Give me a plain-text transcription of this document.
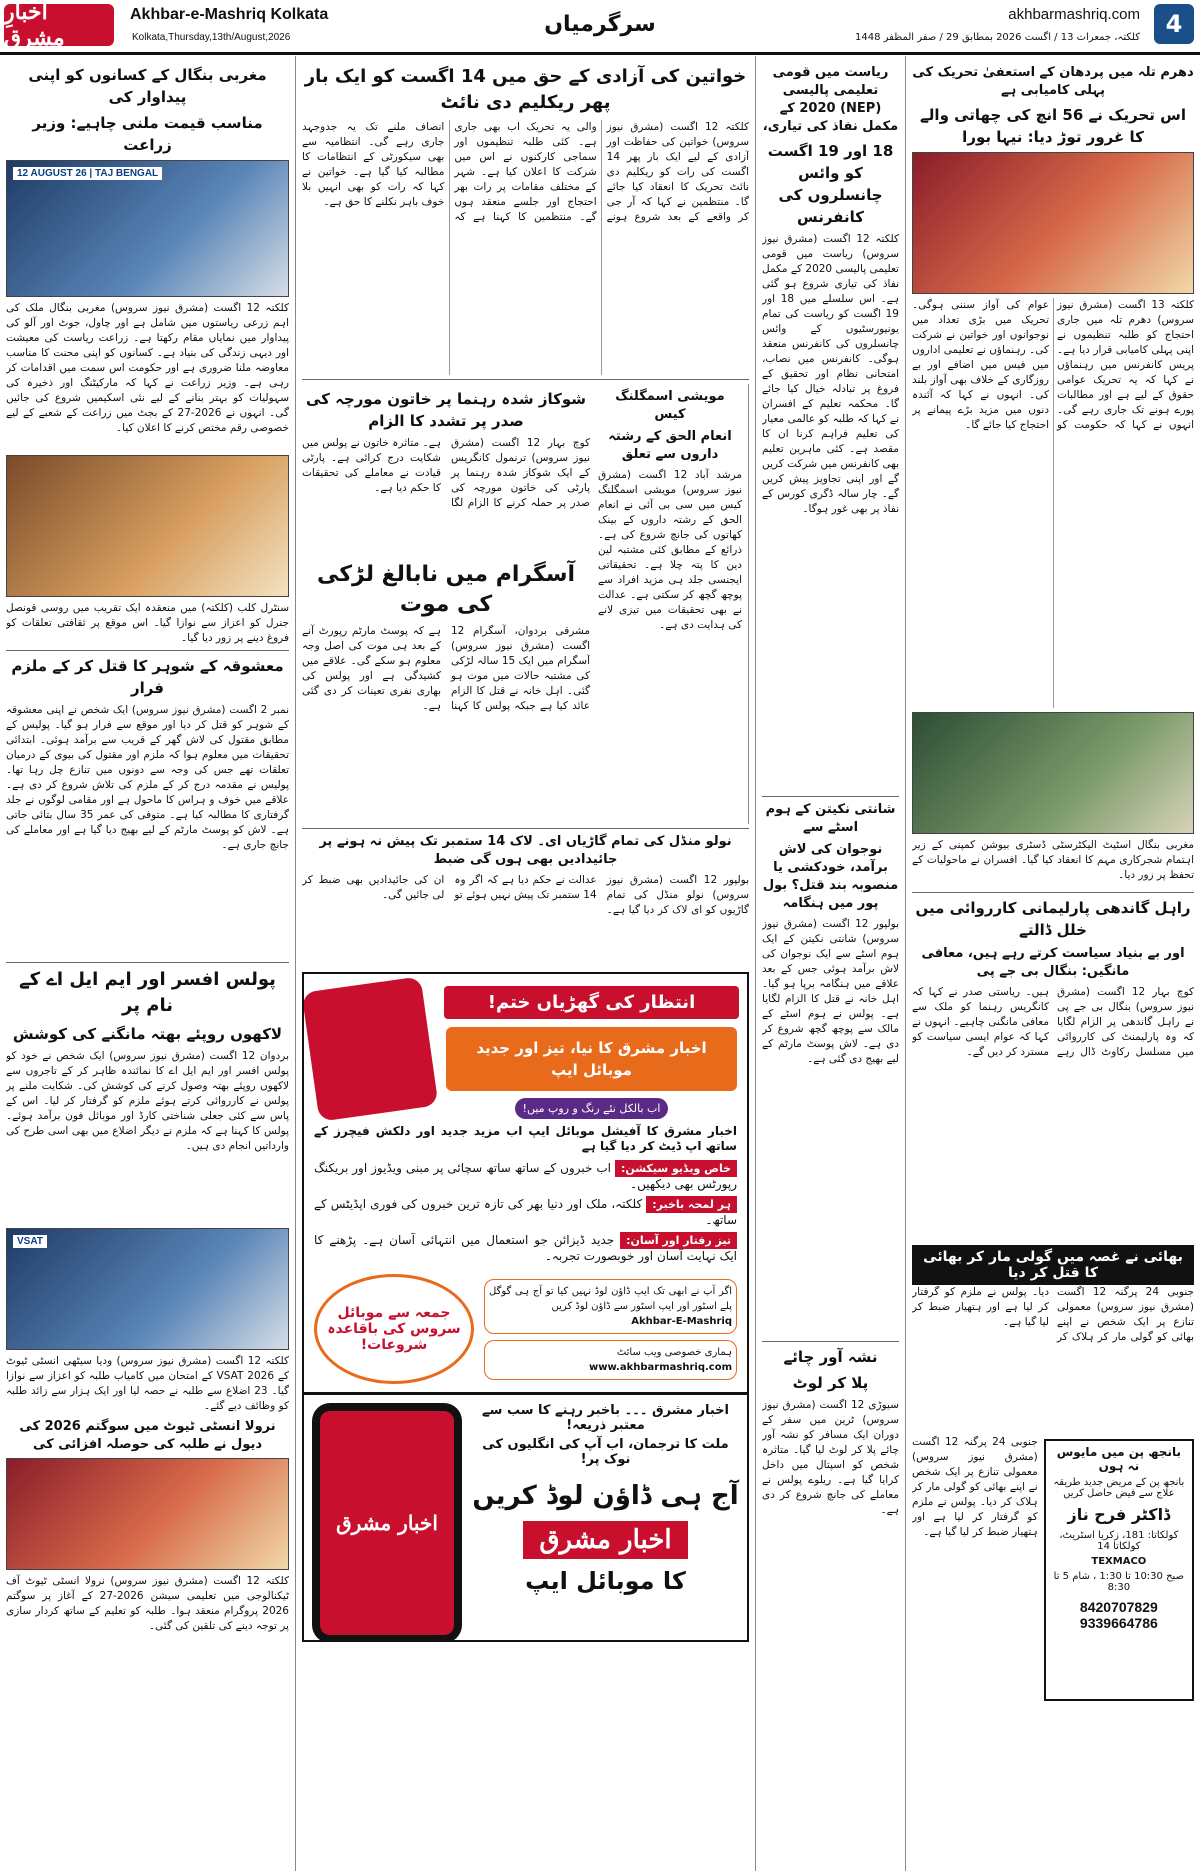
اخبارِ مشرق
Akhbar-e-Mashriq Kolkata
Kolkata,Thursday,13th/August,2026
سرگرمیاں	akhbarmashriq.com
کلکتہ، جمعرات 13 / اگست 2026 بمطابق 29 / صفر المظفر 1448	4
مغربی بنگال کے کسانوں کو اپنی پیداوار کی
مناسب قیمت ملنی چاہیے: وزیر زراعت
12 AUGUST 26 | TAJ BENGAL
کلکتہ 12 اگست (مشرق نیوز سروس) مغربی بنگال ملک کی اہم زرعی ریاستوں میں شامل ہے اور چاول، جوٹ اور آلو کی پیداوار میں نمایاں مقام رکھتا ہے۔ زراعت ریاست کی معیشت اور دیہی زندگی کی بنیاد ہے۔ کسانوں کو اپنی محنت کا مناسب معاوضہ ملنا ضروری ہے اور حکومت اس سمت میں اقدامات کر رہی ہے۔ وزیر زراعت نے کہا کہ مارکیٹنگ اور ذخیرہ کی سہولیات کو بہتر بنانے کے لیے نئی اسکیمیں شروع کی جائیں گی۔ انہوں نے 2026-27 کے بجٹ میں زراعت کے شعبے کے لیے خصوصی رقم مختص کرنے کا اعلان کیا۔
سنٹرل کلب (کلکتہ) میں منعقدہ ایک تقریب میں روسی قونصل جنرل کو اعزاز سے نوازا گیا۔ اس موقع پر ثقافتی تعلقات کو فروغ دینے پر زور دیا گیا۔
معشوقہ کے شوہر کا قتل کر کے ملزم فرار
نمبر 2 اگست (مشرق نیوز سروس) ایک شخص نے اپنی معشوقہ کے شوہر کو قتل کر دیا اور موقع سے فرار ہو گیا۔ پولیس کے مطابق مقتول کی لاش گھر کے قریب سے برآمد ہوئی۔ ابتدائی تحقیقات میں معلوم ہوا کہ ملزم اور مقتول کی بیوی کے درمیان تعلقات تھے جس کی وجہ سے دونوں میں تنازع چل رہا تھا۔ پولیس نے مقدمہ درج کر کے ملزم کی تلاش شروع کر دی ہے۔ علاقے میں خوف و ہراس کا ماحول ہے اور مقامی لوگوں نے جلد گرفتاری کا مطالبہ کیا ہے۔ متوفی کی عمر 35 سال بتائی جاتی ہے۔ لاش کو پوسٹ مارٹم کے لیے بھیج دیا گیا ہے اور معاملے کی جانچ جاری ہے۔
پولس افسر اور ایم ایل اے کے نام پر
لاکھوں روپئے بھتہ مانگنے کی کوشش
بردوان 12 اگست (مشرق نیوز سروس) ایک شخص نے خود کو پولس افسر اور ایم ایل اے کا نمائندہ ظاہر کر کے تاجروں سے لاکھوں روپئے بھتہ وصول کرنے کی کوشش کی۔ شکایت ملنے پر پولس نے کارروائی کرتے ہوئے ملزم کو گرفتار کر لیا۔ اس کے پاس سے کئی جعلی شناختی کارڈ اور موبائل فون برآمد ہوئے۔ پولس کا کہنا ہے کہ ملزم نے دیگر اضلاع میں بھی اسی طرح کی وارداتیں انجام دی ہیں۔
VSAT
کلکتہ 12 اگست (مشرق نیوز سروس) ودیا سیٹھی انسٹی ٹیوٹ کے VSAT 2026 کے امتحان میں کامیاب طلبہ کو اعزاز سے نوازا گیا۔ 23 اضلاع سے طلبہ نے حصہ لیا اور ایک ہزار سے زائد طلبہ کو وظائف دیے گئے۔
نرولا انسٹی ٹیوٹ میں سوگتم 2026 کی دیول نے طلبہ کی حوصلہ افزائی کی
کلکتہ 12 اگست (مشرق نیوز سروس) نرولا انسٹی ٹیوٹ آف ٹیکنالوجی میں تعلیمی سیشن 2026-27 کے آغاز پر سوگتم 2026 پروگرام منعقد ہوا۔ طلبہ کو تعلیم کے ساتھ کردار سازی پر توجہ دینے کی تلقین کی گئی۔
خواتین کی آزادی کے حق میں 14 اگست کو ایک بار پھر ریکلیم دی نائٹ
کلکتہ 12 اگست (مشرق نیوز سروس) خواتین کی حفاظت اور آزادی کے لیے ایک بار پھر 14 اگست کی رات کو ریکلیم دی نائٹ تحریک کا انعقاد کیا جائے گا۔ منتظمین نے کہا کہ آر جی کر واقعے کے بعد شروع ہونے والی یہ تحریک اب بھی جاری ہے۔ کئی طلبہ تنظیموں اور سماجی کارکنوں نے اس میں شرکت کا اعلان کیا ہے۔ شہر کے مختلف مقامات پر رات بھر احتجاج اور جلسے منعقد ہوں گے۔ منتظمین کا کہنا ہے کہ انصاف ملنے تک یہ جدوجہد جاری رہے گی۔ انتظامیہ سے بھی سیکورٹی کے انتظامات کا مطالبہ کیا گیا ہے۔ خواتین نے کہا کہ رات کو بھی انہیں بلا خوف باہر نکلنے کا حق ہے۔
شوکاز شدہ رہنما پر خاتون مورچہ کی صدر پر تشدد کا الزام
کوچ بہار 12 اگست (مشرق نیوز سروس) ترنمول کانگریس کے ایک شوکاز شدہ رہنما پر پارٹی کی خاتون مورچہ کی صدر پر حملہ کرنے کا الزام لگا ہے۔ متاثرہ خاتون نے پولس میں شکایت درج کرائی ہے۔ پارٹی قیادت نے معاملے کی تحقیقات کا حکم دیا ہے۔
آسگرام میں نابالغ لڑکی کی موت
مشرقی بردوان، آسگرام 12 اگست (مشرق نیوز سروس) آسگرام میں ایک 15 سالہ لڑکی کی مشتبہ حالات میں موت ہو گئی۔ اہل خانہ نے قتل کا الزام عائد کیا ہے جبکہ پولس کا کہنا ہے کہ پوسٹ مارٹم رپورٹ آنے کے بعد ہی موت کی اصل وجہ معلوم ہو سکے گی۔ علاقے میں کشیدگی ہے اور پولس کی بھاری نفری تعینات کر دی گئی ہے۔
مویشی اسمگلنگ کیس
انعام الحق کے رشتہ داروں سے تعلق
مرشد آباد 12 اگست (مشرق نیوز سروس) مویشی اسمگلنگ کیس میں سی بی آئی نے انعام الحق کے رشتہ داروں کے بینک کھاتوں کی جانچ شروع کی ہے۔ ذرائع کے مطابق کئی مشتبہ لین دین کا پتہ چلا ہے۔ تحقیقاتی ایجنسی جلد ہی مزید افراد سے پوچھ گچھ کر سکتی ہے۔ عدالت نے بھی تحقیقات میں تیزی لانے کی ہدایت دی ہے۔
نولو منڈل کی تمام گاڑیاں ای۔ لاک 14 ستمبر تک پیش نہ ہونے پر جائیدادیں بھی ہوں گی ضبط
بولپور 12 اگست (مشرق نیوز سروس) نولو منڈل کی تمام گاڑیوں کو ای لاک کر دیا گیا ہے۔ عدالت نے حکم دیا ہے کہ اگر وہ 14 ستمبر تک پیش نہیں ہوئے تو ان کی جائیدادیں بھی ضبط کر لی جائیں گی۔
انتظار کی گھڑیاں ختم!
اخبار مشرق کا نیا، تیز اور جدید موبائل ایپ
اب بالکل نئے رنگ و روپ میں!
اخبار مشرق کا آفیشل موبائل ایپ اب مزید جدید اور دلکش فیچرز کے ساتھ اپ ڈیٹ کر دیا گیا ہے
خاص ویڈیو سیکشن: اب خبروں کے ساتھ ساتھ سچائی پر مبنی ویڈیوز اور بریکنگ رپورٹس بھی دیکھیں۔
ہر لمحہ باخبر: کلکتہ، ملک اور دنیا بھر کی تازہ ترین خبروں کی فوری اپڈیٹس کے ساتھ۔
تیز رفتار اور آسان: جدید ڈیزائن جو استعمال میں انتہائی آسان ہے۔ پڑھنے کا ایک نہایت آسان اور خوبصورت تجربہ۔
جمعہ سے موبائل سروس کی باقاعدہ شروعات!
اگر آپ نے ابھی تک ایپ ڈاؤن لوڈ نہیں کیا تو آج ہی گوگل پلے اسٹور اور ایپ اسٹور سے ڈاؤن لوڈ کریں
Akhbar-E-Mashriq
ہماری خصوصی ویب سائٹ
www.akhbarmashriq.com
اخبار مشرق
اخبار مشرق ۔۔۔ باخبر رہنے کا سب سے معتبر ذریعہ!
ملت کا ترجمان، اب آپ کی انگلیوں کی نوک پر!
آج ہی ڈاؤن لوڈ کریں
اخبار مشرق
کا موبائل ایپ
ریاست میں قومی تعلیمی پالیسی (NEP) 2020 کے مکمل نفاذ کی تیاری،
18 اور 19 اگست کو وائس چانسلروں کی کانفرنس
کلکتہ 12 اگست (مشرق نیوز سروس) ریاست میں قومی تعلیمی پالیسی 2020 کے مکمل نفاذ کی تیاری شروع ہو گئی ہے۔ اس سلسلے میں 18 اور 19 اگست کو ریاست کی تمام یونیورسٹیوں کے وائس چانسلروں کی کانفرنس منعقد ہوگی۔ کانفرنس میں نصاب، امتحانی نظام اور تحقیق کے فروغ پر تبادلہ خیال کیا جائے گا۔ محکمہ تعلیم کے افسران نے کہا کہ طلبہ کو عالمی معیار کی تعلیم فراہم کرنا ان کا مقصد ہے۔ کئی ماہرین تعلیم بھی کانفرنس میں شرکت کریں گے اور اپنی تجاویز پیش کریں گے۔ چار سالہ ڈگری کورس کے نفاذ پر بھی غور ہوگا۔
شانتی نکیتن کے ہوم اسٹے سے
نوجوان کی لاش برآمد، خودکشی یا منصوبہ بند قتل؟ بول پور میں ہنگامہ
بولپور 12 اگست (مشرق نیوز سروس) شانتی نکیتن کے ایک ہوم اسٹے سے ایک نوجوان کی لاش برآمد ہوئی جس کے بعد علاقے میں ہنگامہ برپا ہو گیا۔ اہل خانہ نے قتل کا الزام لگایا ہے۔ پولس نے ہوم اسٹے کے مالک سے پوچھ گچھ شروع کر دی ہے۔ لاش پوسٹ مارٹم کے لیے بھیج دی گئی ہے۔
نشہ آور چائے
پلا کر لوٹ
سیوڑی 12 اگست (مشرق نیوز سروس) ٹرین میں سفر کے دوران ایک مسافر کو نشہ آور چائے پلا کر لوٹ لیا گیا۔ متاثرہ شخص کو اسپتال میں داخل کرایا گیا ہے۔ ریلوے پولس نے معاملے کی جانچ شروع کر دی ہے۔
دھرم تلہ میں پردھان کے استعفیٰ تحریک کی پہلی کامیابی ہے
اس تحریک نے 56 انچ کی چھاتی والے کا غرور توڑ دیا: نیہا بورا
کلکتہ 13 اگست (مشرق نیوز سروس) دھرم تلہ میں جاری احتجاج کو طلبہ تنظیموں نے اپنی پہلی کامیابی قرار دیا ہے۔ پریس کانفرنس میں رہنماؤں نے کہا کہ یہ تحریک عوامی حقوق کے لیے ہے اور مطالبات پورے ہونے تک جاری رہے گی۔ انہوں نے کہا کہ حکومت کو عوام کی آواز سننی ہوگی۔ تحریک میں بڑی تعداد میں نوجوانوں اور خواتین نے شرکت کی۔ رہنماؤں نے تعلیمی اداروں میں فیس میں اضافے اور بے روزگاری کے خلاف بھی آواز بلند کی۔ انہوں نے کہا کہ آئندہ دنوں میں مزید بڑے پیمانے پر احتجاج کیا جائے گا۔
مغربی بنگال اسٹیٹ الیکٹرسٹی ڈسٹری بیوشن کمپنی کے زیر اہتمام شجرکاری مہم کا انعقاد کیا گیا۔ افسران نے ماحولیات کے تحفظ پر زور دیا۔
راہل گاندھی پارلیمانی کارروائی میں خلل ڈالتے
اور بے بنیاد سیاست کرتے رہے ہیں، معافی مانگیں: بنگال بی جے پی
کوچ بہار 12 اگست (مشرق نیوز سروس) بنگال بی جے پی نے راہل گاندھی پر الزام لگایا کہ وہ پارلیمنٹ کی کارروائی میں مسلسل رکاوٹ ڈال رہے ہیں۔ ریاستی صدر نے کہا کہ کانگریس رہنما کو ملک سے معافی مانگنی چاہیے۔ انہوں نے کہا کہ عوام ایسی سیاست کو مسترد کر دیں گے۔
بھائی نے غصہ میں گولی مار کر بھائی کا قتل کر دیا
جنوبی 24 پرگنہ 12 اگست (مشرق نیوز سروس) معمولی تنازع پر ایک شخص نے اپنے بھائی کو گولی مار کر ہلاک کر دیا۔ پولس نے ملزم کو گرفتار کر لیا ہے اور ہتھیار ضبط کر لیا گیا ہے۔
جنوبی 24 پرگنہ 12 اگست (مشرق نیوز سروس) معمولی تنازع پر ایک شخص نے اپنے بھائی کو گولی مار کر ہلاک کر دیا۔ پولس نے ملزم کو گرفتار کر لیا ہے اور ہتھیار ضبط کر لیا گیا ہے۔
بانجھ پن میں مایوس نہ ہوں
بانجھ پن کے مریض جدید طریقہ علاج سے فیض حاصل کریں
ڈاکٹر فرح ناز
کولکاتا: 181، زکریا اسٹریٹ، کولکاتا 14
TEXMACO
صبح 10:30 تا 1:30 ، شام 5 تا 8:30
8420707829
9339664786
